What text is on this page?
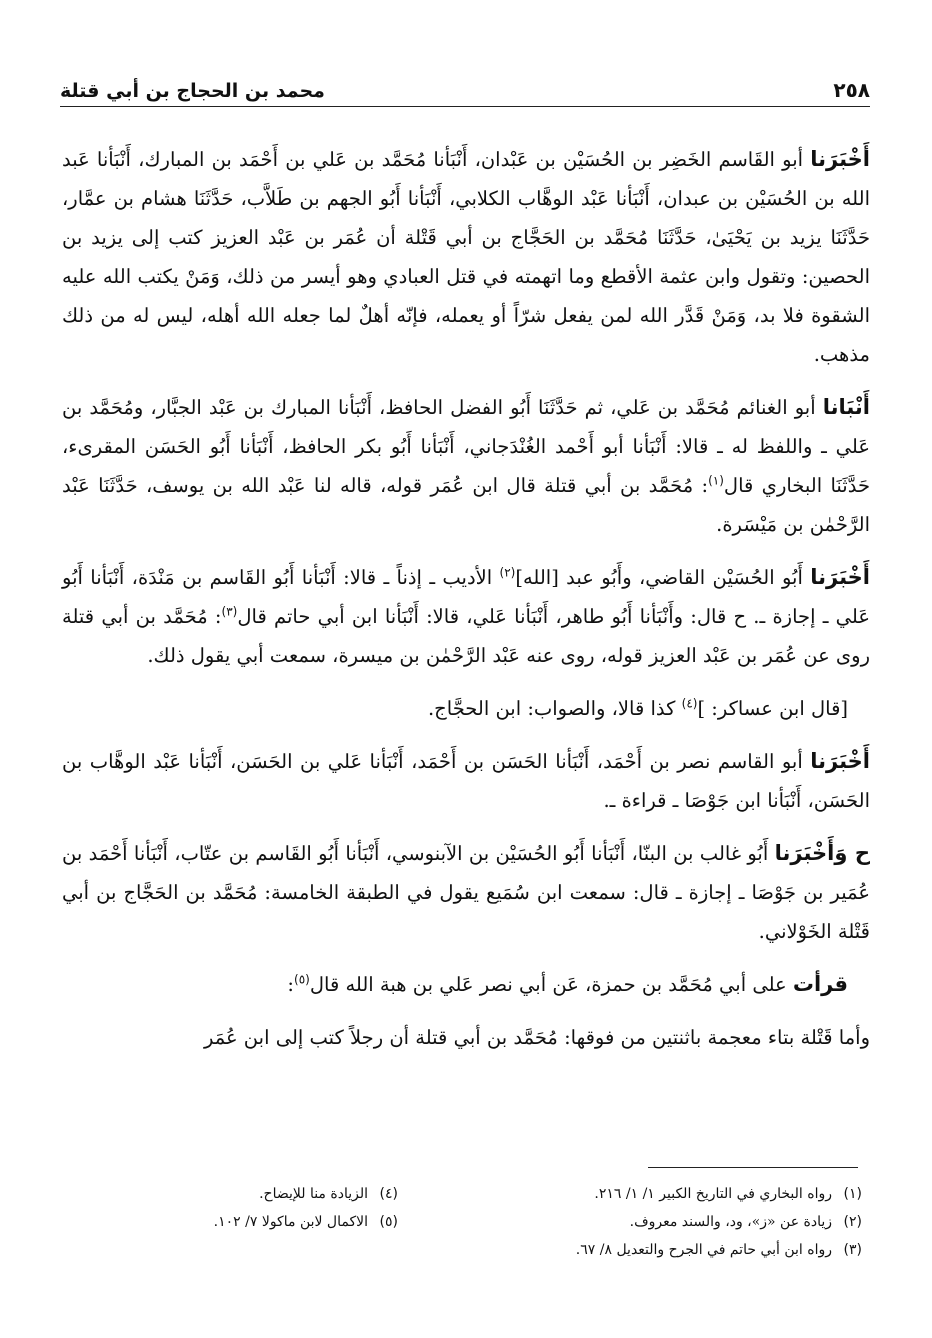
٢٥٨
محمد بن الحجاج بن أبي قتلة

أَخْبَرَنا أبو القَاسم الخَضِر بن الحُسَيْن بن عَبْدان، أَنْبَأنا مُحَمَّد بن عَلي بن أَحْمَد بن المبارك، أَنْبَأنا عَبد الله بن الحُسَيْن بن عبدان، أَنْبَأنا عَبْد الوهَّاب الكلابي، أَنْبَأنا أَبُو الجهم بن طَلاَّب، حَدَّثَنَا هشام بن عمَّار، حَدَّثَنَا يزيد بن يَحْيَىٰ، حَدَّثَنَا مُحَمَّد بن الحَجَّاج بن أبي قَتْلة أن عُمَر بن عَبْد العزيز كتب إلى يزيد بن الحصين: وتقول وابن عثمة الأقطع وما اتهمته في قتل العبادي وهو أيسر من ذلك، وَمَنْ يكتب الله عليه الشقوة فلا بد، وَمَنْ قَدَّر الله لمن يفعل شرّاً أو يعمله، فإنّه أهلٌ لما جعله الله أهله، ليس له من ذلك مذهب.

أَنْبَانا أبو الغنائم مُحَمَّد بن عَلي، ثم حَدَّثَنَا أَبُو الفضل الحافظ، أَنْبَأنا المبارك بن عَبْد الجبَّار، ومُحَمَّد بن عَلي ـ واللفظ له ـ قالا: أَنْبَأنا أبو أَحْمد الغُنْدَجاني، أَنْبَأنا أَبُو بكر الحافظ، أَنْبَأنا أَبُو الحَسَن المقرىء، حَدَّثَنَا البخاري قال$^{(١)}$: مُحَمَّد بن أبي قتلة قال ابن عُمَر قوله، قاله لنا عَبْد الله بن يوسف، حَدَّثَنَا عَبْد الرَّحْمٰن بن مَيْسَرة.

أَخْبَرَنا أَبُو الحُسَيْن القاضي، وأَبُو عبد [الله]$^{(٢)}$ الأديب ـ إذناً ـ قالا: أَنْبَأنا أَبُو القَاسم بن مَنْدَة، أَنْبَأنا أَبُو عَلي ـ إجازة ـ. ح قال: وأَنْبَأنا أَبُو طاهر، أَنْبَأنا عَلي، قالا: أَنْبَأنا ابن أبي حاتم قال$^{(٣)}$: مُحَمَّد بن أبي قتلة روى عن عُمَر بن عَبْد العزيز قوله، روى عنه عَبْد الرَّحْمٰن بن ميسرة، سمعت أبي يقول ذلك.

[قال ابن عساكر: ]$^{(٤)}$ كذا قالا، والصواب: ابن الحجَّاج.

أَخْبَرَنا أبو القاسم نصر بن أَحْمَد، أَنْبَأنا الحَسَن بن أَحْمَد، أَنْبَأنا عَلي بن الحَسَن، أَنْبَأنا عَبْد الوهَّاب بن الحَسَن، أَنْبَأنا ابن جَوْصَا ـ قراءة ـ.

ح وَأَخْبَرَنا أَبُو غالب بن البنّا، أَنْبَأنا أَبُو الحُسَيْن بن الآبنوسي، أَنْبَأنا أَبُو القَاسم بن عتّاب، أَنْبَأنا أَحْمَد بن عُمَير بن جَوْصَا ـ إجازة ـ قال: سمعت ابن سُمَيع يقول في الطبقة الخامسة: مُحَمَّد بن الحَجَّاج بن أبي قَتْلة الخَوْلاني.

قرأت على أبي مُحَمَّد بن حمزة، عَن أبي نصر عَلي بن هبة الله قال$^{(٥)}$:

وأما قَتْلة بتاء معجمة باثنتين من فوقها: مُحَمَّد بن أبي قتلة أن رجلاً كتب إلى ابن عُمَر

(١)رواه البخاري في التاريخ الكبير ١/ ١/ ٢١٦.
(٤)الزيادة منا للإيضاح.
(٢)زيادة عن «ز»، ود، والسند معروف.
(٥)الاكمال لابن ماكولا ٧/ ١٠٢.
(٣)رواه ابن أبي حاتم في الجرح والتعديل ٨/ ٦٧.
